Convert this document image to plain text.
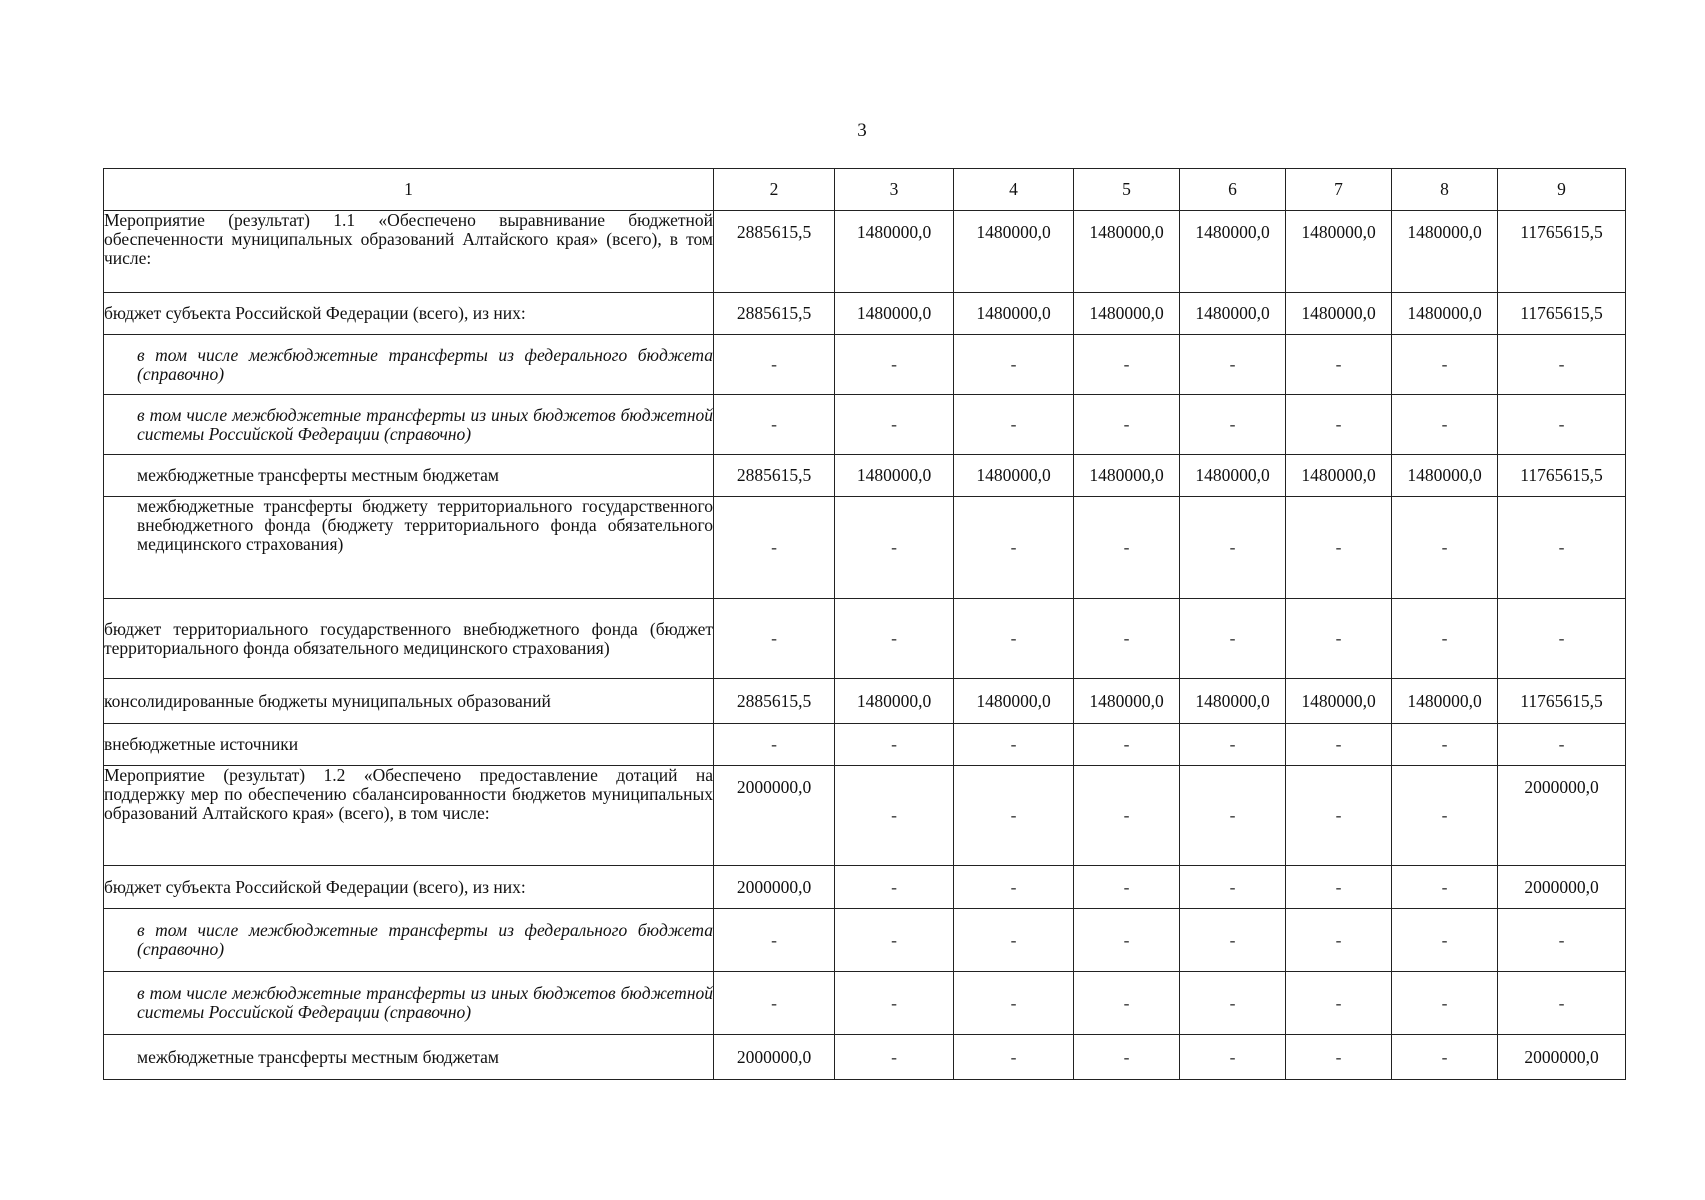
3
1	2	3	4	5	6	7	8	9
Мероприятие (результат) 1.1 «Обеспечено выравнивание бюджетной обеспеченности муниципальных образований Алтайского края» (всего), в том числе:	2885615,5	1480000,0	1480000,0	1480000,0	1480000,0	1480000,0	1480000,0	11765615,5
бюджет субъекта Российской Федерации (всего), из них:	2885615,5	1480000,0	1480000,0	1480000,0	1480000,0	1480000,0	1480000,0	11765615,5
в том числе межбюджетные трансферты из федерального бюджета (справочно)	-	-	-	-	-	-	-	-
в том числе межбюджетные трансферты из иных бюджетов бюджетной системы Российской Федерации (справочно)	-	-	-	-	-	-	-	-
межбюджетные трансферты местным бюджетам	2885615,5	1480000,0	1480000,0	1480000,0	1480000,0	1480000,0	1480000,0	11765615,5
межбюджетные трансферты бюджету территориального государственного внебюджетного фонда (бюджету территориального фонда обязательного медицинского страхования)	-	-	-	-	-	-	-	-
бюджет территориального государственного внебюджетного фонда (бюджет территориального фонда обязательного медицинского страхования)	-	-	-	-	-	-	-	-
консолидированные бюджеты муниципальных образований	2885615,5	1480000,0	1480000,0	1480000,0	1480000,0	1480000,0	1480000,0	11765615,5
внебюджетные источники	-	-	-	-	-	-	-	-
Мероприятие (результат) 1.2 «Обеспечено предоставление дотаций на поддержку мер по обеспечению сбалансированности бюджетов муниципальных образований Алтайского края» (всего), в том числе:	2000000,0	-	-	-	-	-	-	2000000,0
бюджет субъекта Российской Федерации (всего), из них:	2000000,0	-	-	-	-	-	-	2000000,0
в том числе межбюджетные трансферты из федерального бюджета (справочно)	-	-	-	-	-	-	-	-
в том числе межбюджетные трансферты из иных бюджетов бюджетной системы Российской Федерации (справочно)	-	-	-	-	-	-	-	-
межбюджетные трансферты местным бюджетам	2000000,0	-	-	-	-	-	-	2000000,0
